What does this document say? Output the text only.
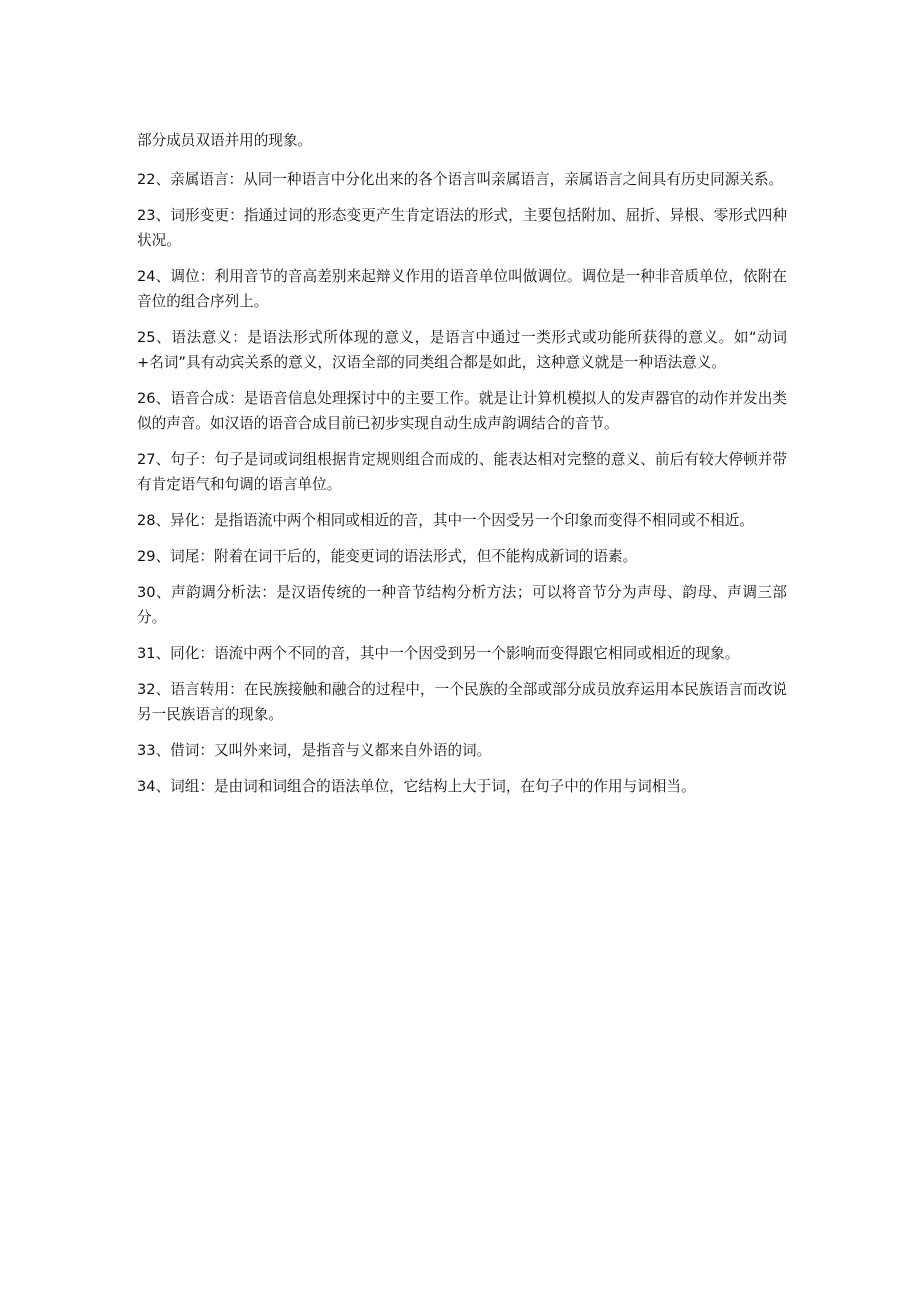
部分成员双语并用的现象。

22、亲属语言：从同一种语言中分化出来的各个语言叫亲属语言，亲属语言之间具有历史同源关系。

23、词形变更：指通过词的形态变更产生肯定语法的形式，主要包括附加、屈折、异根、零形式四种状况。

24、调位：利用音节的音高差别来起辩义作用的语音单位叫做调位。调位是一种非音质单位，依附在音位的组合序列上。

25、语法意义：是语法形式所体现的意义，是语言中通过一类形式或功能所获得的意义。如“动词+名词”具有动宾关系的意义，汉语全部的同类组合都是如此，这种意义就是一种语法意义。

26、语音合成：是语音信息处理探讨中的主要工作。就是让计算机模拟人的发声器官的动作并发出类似的声音。如汉语的语音合成目前已初步实现自动生成声韵调结合的音节。

27、句子：句子是词或词组根据肯定规则组合而成的、能表达相对完整的意义、前后有较大停顿并带有肯定语气和句调的语言单位。

28、异化：是指语流中两个相同或相近的音，其中一个因受另一个印象而变得不相同或不相近。

29、词尾：附着在词干后的，能变更词的语法形式，但不能构成新词的语素。

30、声韵调分析法：是汉语传统的一种音节结构分析方法；可以将音节分为声母、韵母、声调三部分。

31、同化：语流中两个不同的音，其中一个因受到另一个影响而变得跟它相同或相近的现象。

32、语言转用：在民族接触和融合的过程中，一个民族的全部或部分成员放弃运用本民族语言而改说另一民族语言的现象。

33、借词：又叫外来词，是指音与义都来自外语的词。

34、词组：是由词和词组合的语法单位，它结构上大于词，在句子中的作用与词相当。
